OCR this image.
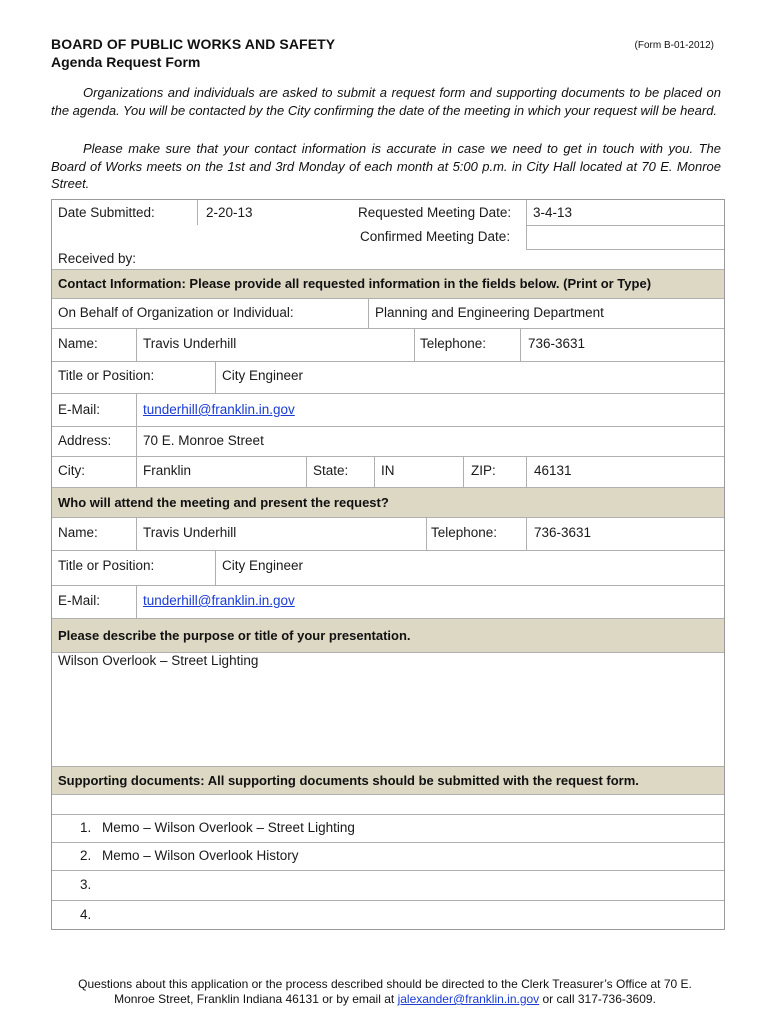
BOARD OF PUBLIC WORKS AND SAFETY
Agenda Request Form
(Form B-01-2012)
Organizations and individuals are asked to submit a request form and supporting documents to be placed on the agenda. You will be contacted by the City confirming the date of the meeting in which your request will be heard.
Please make sure that your contact information is accurate in case we need to get in touch with you. The Board of Works meets on the 1st and 3rd Monday of each month at 5:00 p.m. in City Hall located at 70 E. Monroe Street.
Date Submitted:	2-20-13	Requested Meeting Date: 3-4-13
Confirmed Meeting Date:
Received by:
Contact Information: Please provide all requested information in the fields below. (Print or Type)
On Behalf of Organization or Individual:	Planning and Engineering Department
Name:	Travis Underhill	Telephone:	736-3631
Title or Position:	City Engineer
E-Mail:	tunderhill@franklin.in.gov
Address: 70 E. Monroe Street
City:	Franklin	State: IN	ZIP:	46131
Who will attend the meeting and present the request?
Name:	Travis Underhill	Telephone:	736-3631
Title or Position:	City Engineer
E-Mail:	tunderhill@franklin.in.gov
Please describe the purpose or title of your presentation.
Wilson Overlook – Street Lighting
Supporting documents: All supporting documents should be submitted with the request form.
1. Memo – Wilson Overlook – Street Lighting
2. Memo – Wilson Overlook History
3.
4.
Questions about this application or the process described should be directed to the Clerk Treasurer’s Office at 70 E.
Monroe Street, Franklin Indiana 46131 or by email at jalexander@franklin.in.gov or call 317-736-3609.
